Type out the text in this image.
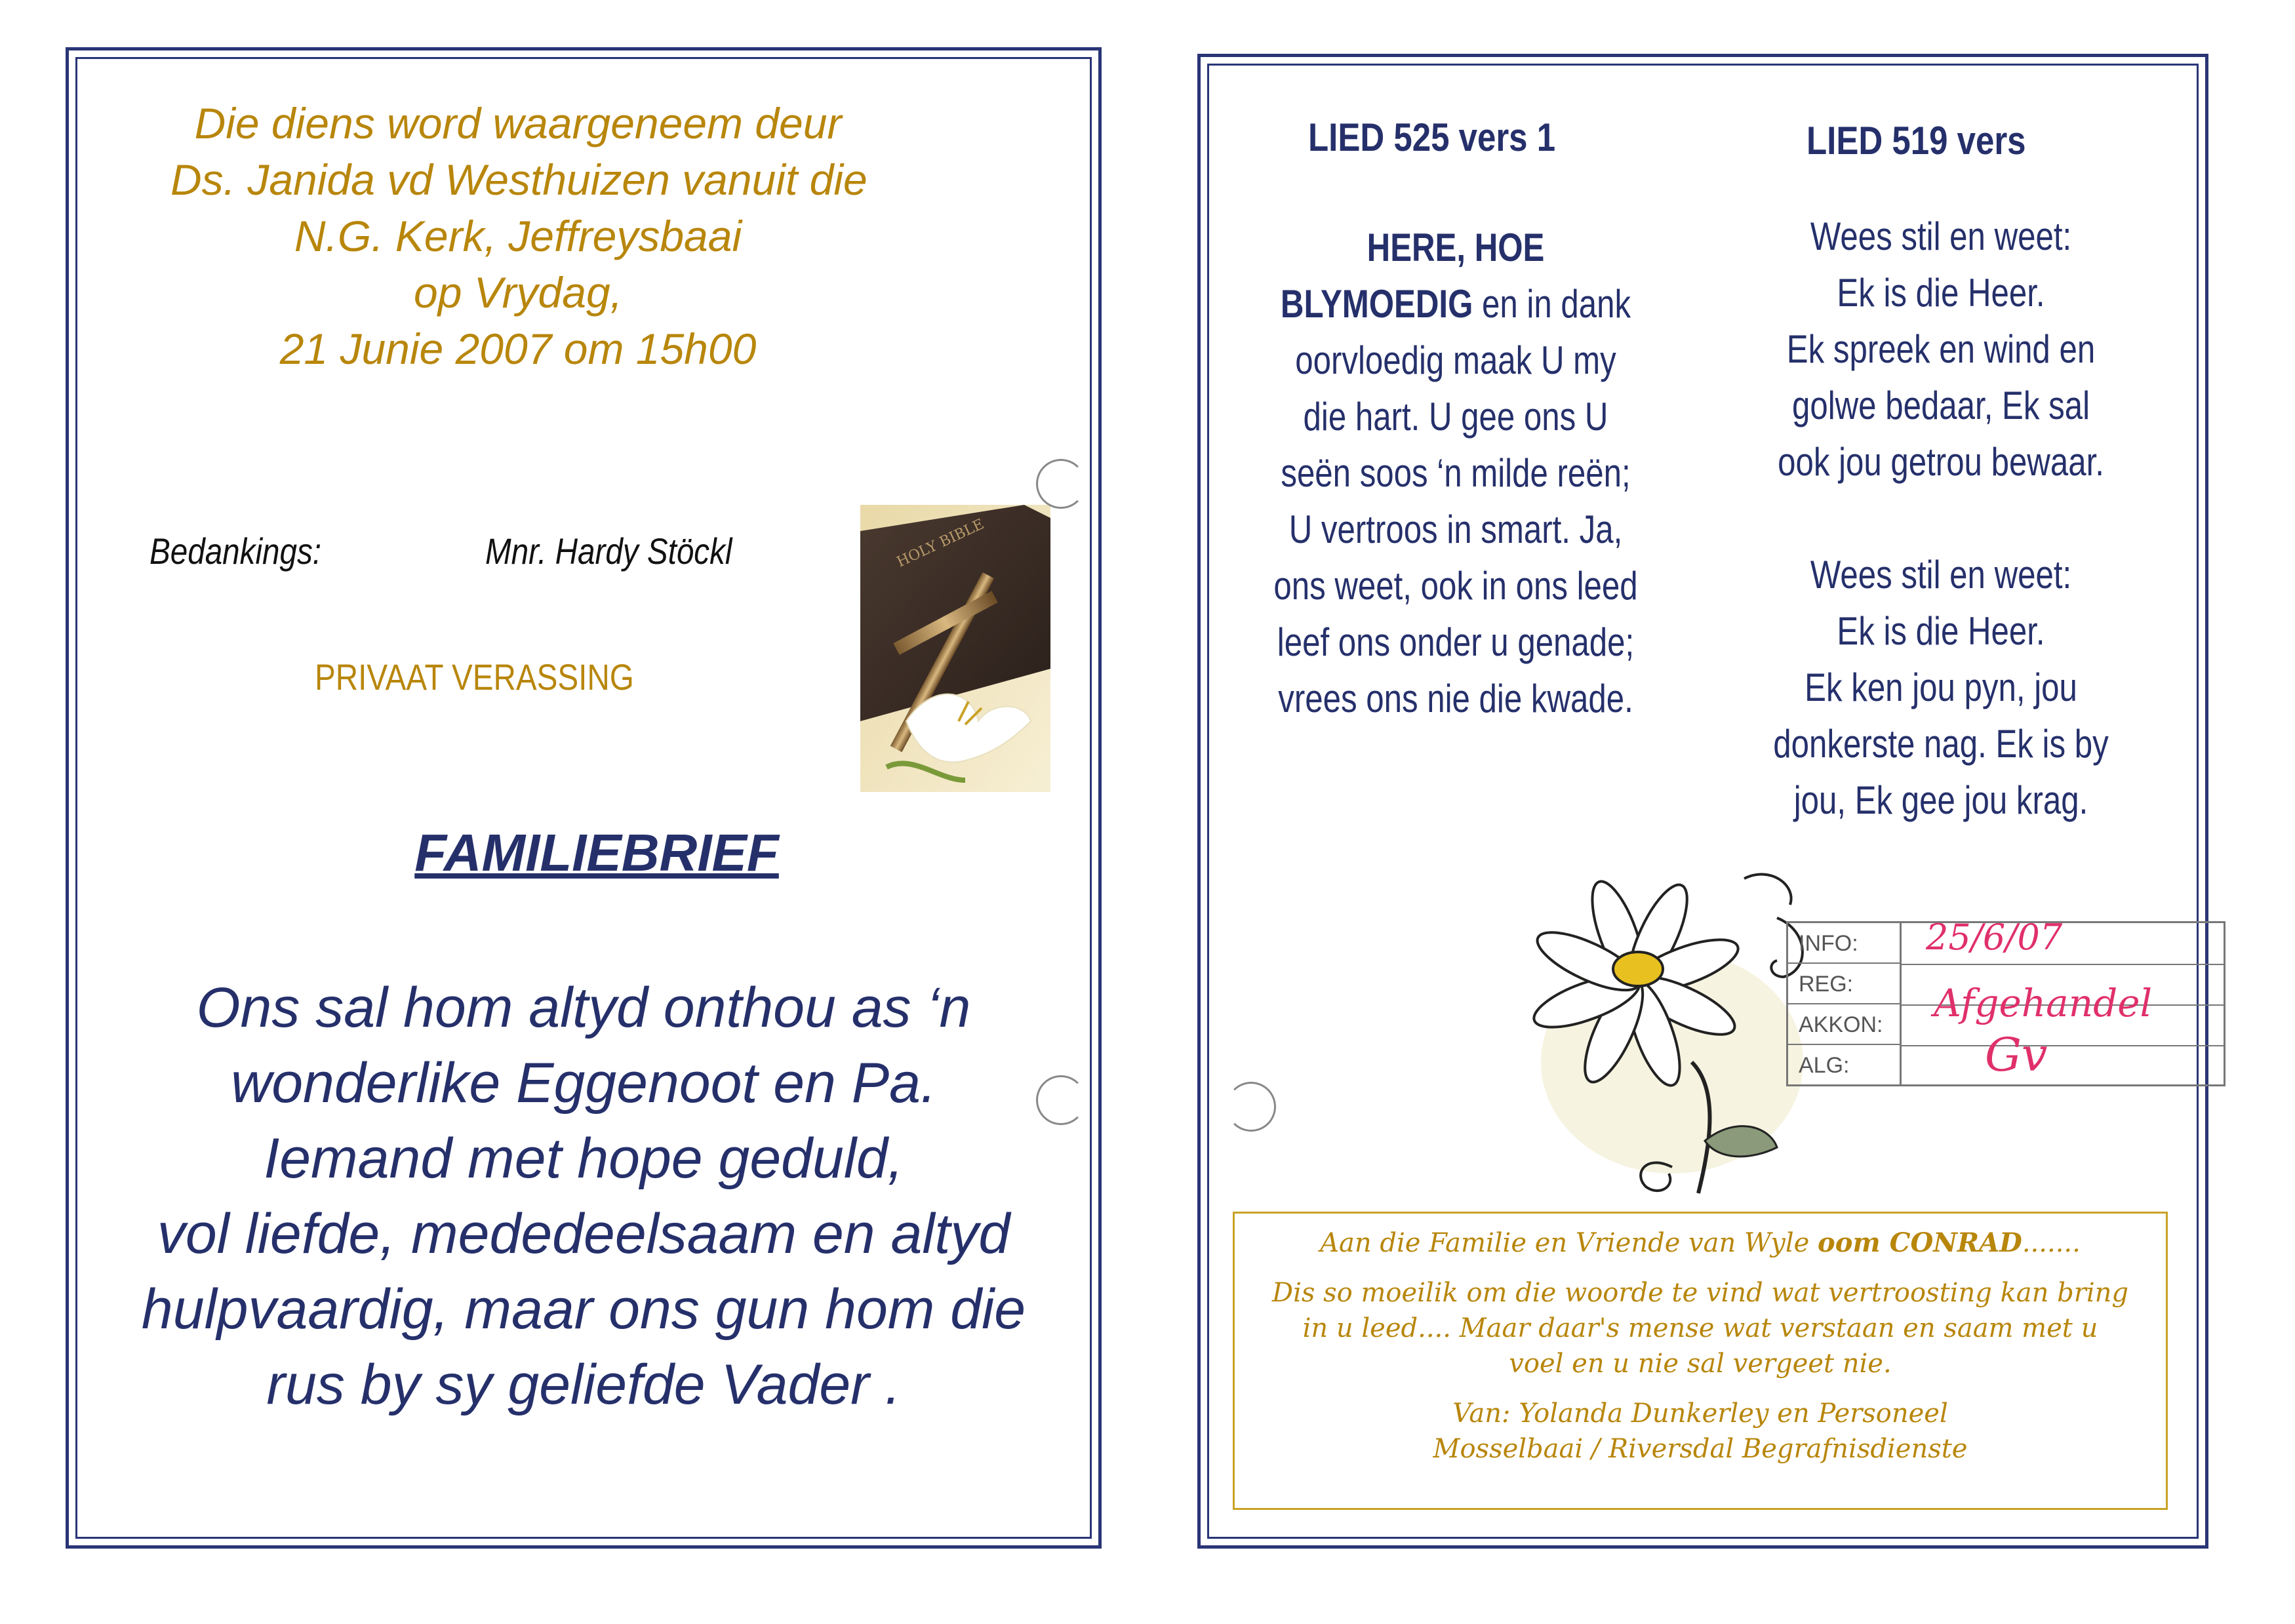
Die diens word waargeneem deur
Ds. Janida vd Westhuizen vanuit die
N.G. Kerk, Jeffreysbaai
op Vrydag,
21 Junie 2007 om 15h00
Bedankings:	Mnr. Hardy Stöckl
PRIVAAT VERASSING
HOLY BIBLE
FAMILIEBRIEF
Ons sal hom altyd onthou as ‘n
wonderlike Eggenoot en Pa.
Iemand met hope geduld,
vol liefde, mededeelsaam en altyd
hulpvaardig, maar ons gun hom die
rus by sy geliefde Vader .
LIED 525 vers 1	LIED 519 vers
HERE, HOE
BLYMOEDIG en in dank
oorvloedig maak U my
die hart. U gee ons U
seën soos ‘n milde reën;
U vertroos in smart. Ja,
ons weet, ook in ons leed
leef ons onder u genade;
vrees ons nie die kwade.
Wees stil en weet:
Ek is die Heer.
Ek spreek en wind en
golwe bedaar, Ek sal
ook jou getrou bewaar.
Wees stil en weet:
Ek is die Heer.
Ek ken jou pyn, jou
donkerste nag. Ek is by
jou, Ek gee jou krag.
INFO:
REG:
AKKON:
ALG:
25/6/07
Afgehandel
Gv
Aan die Familie en Vriende van Wyle oom CONRAD.......
Dis so moeilik om die woorde te vind wat vertroosting kan bring
in u leed.... Maar daar's mense wat verstaan en saam met u
voel en u nie sal vergeet nie.
Van: Yolanda Dunkerley en Personeel
Mosselbaai / Riversdal Begrafnisdienste
